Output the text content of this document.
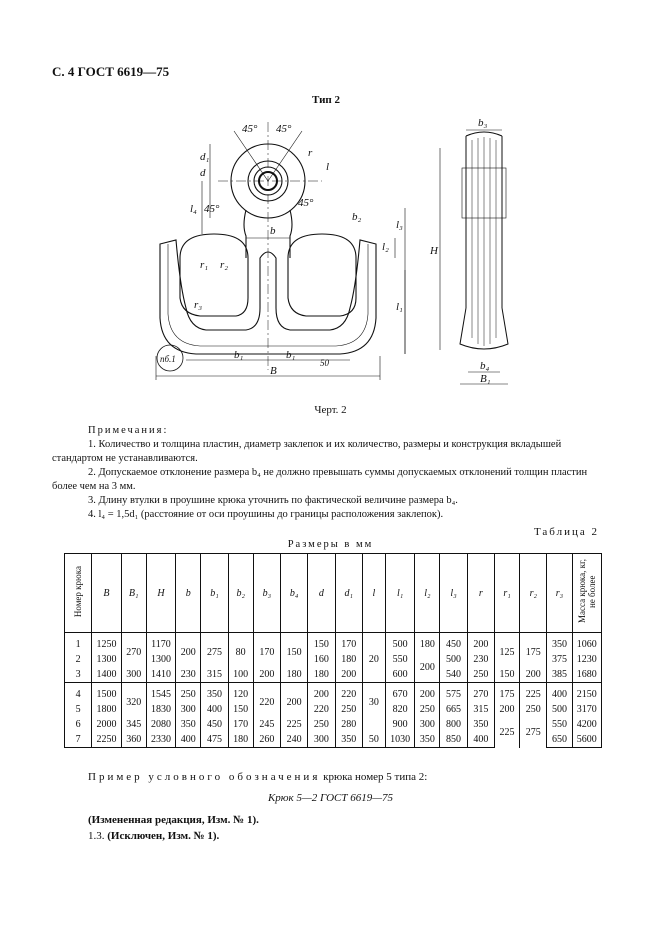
С. 4 ГОСТ 6619—75
Тип 2
45° 45°
45°	45°
d₁
d
r
l
l₄
l₃
l₂
l₁
b
b₂
b₁	b₁
B
r₁ r₂
r₃
50
пб.1
H
b₃
b₄
B₁
Черт. 2
Примечания:

1. Количество и толщина пластин, диаметр заклепок и их количество, размеры и конструкция вкладышей стандартом не устанавливаются.

2. Допускаемое отклонение размера b₄ не должно превышать суммы допускаемых отклонений толщин пластин более чем на 3 мм.

3. Длину втулки в проушине крюка уточнить по фактической величине размера b₄.

4. l₄ = 1,5d₁ (расстояние от оси проушины до границы расположения заклепок).

Таблица 2
Размеры в мм
Номер крюка	B	B₁	H	b	b₁	b₂	b₃	b₄	d	d₁	l	l₁	l₂	l₃	r	r₁	r₂	r₃	Масса крюка, кг, не более

1	1250	270	1170	200	275	80	170	150	150	170	20	500	180	450	200	125	175	350	1060
2	1300		1300						160	180		550	200	500	230			375	1230
3	1400	300	1410	230	315	100	200	180	180	200		600		540	250	150	200	385	1680

4	1500	320	1545	250	350	120	220	200	200	220	30	670	200	575	270	175	225	400	2150
5	1800		1830	300	400	150			220	250		820	250	665	315	200	250	500	3170
6	2000	345	2080	350	450	170	245	225	250	280		900	300	800	350	225	275	550	4200
7	2250	360	2330	400	475	180	260	240	300	350	50	1030	350	850	400			650	5600
Пример условного обозначения крюка номер 5 типа 2:
Крюк 5—2 ГОСТ 6619—75
(Измененная редакция, Изм. № 1).
1.3. (Исключен, Изм. № 1).
